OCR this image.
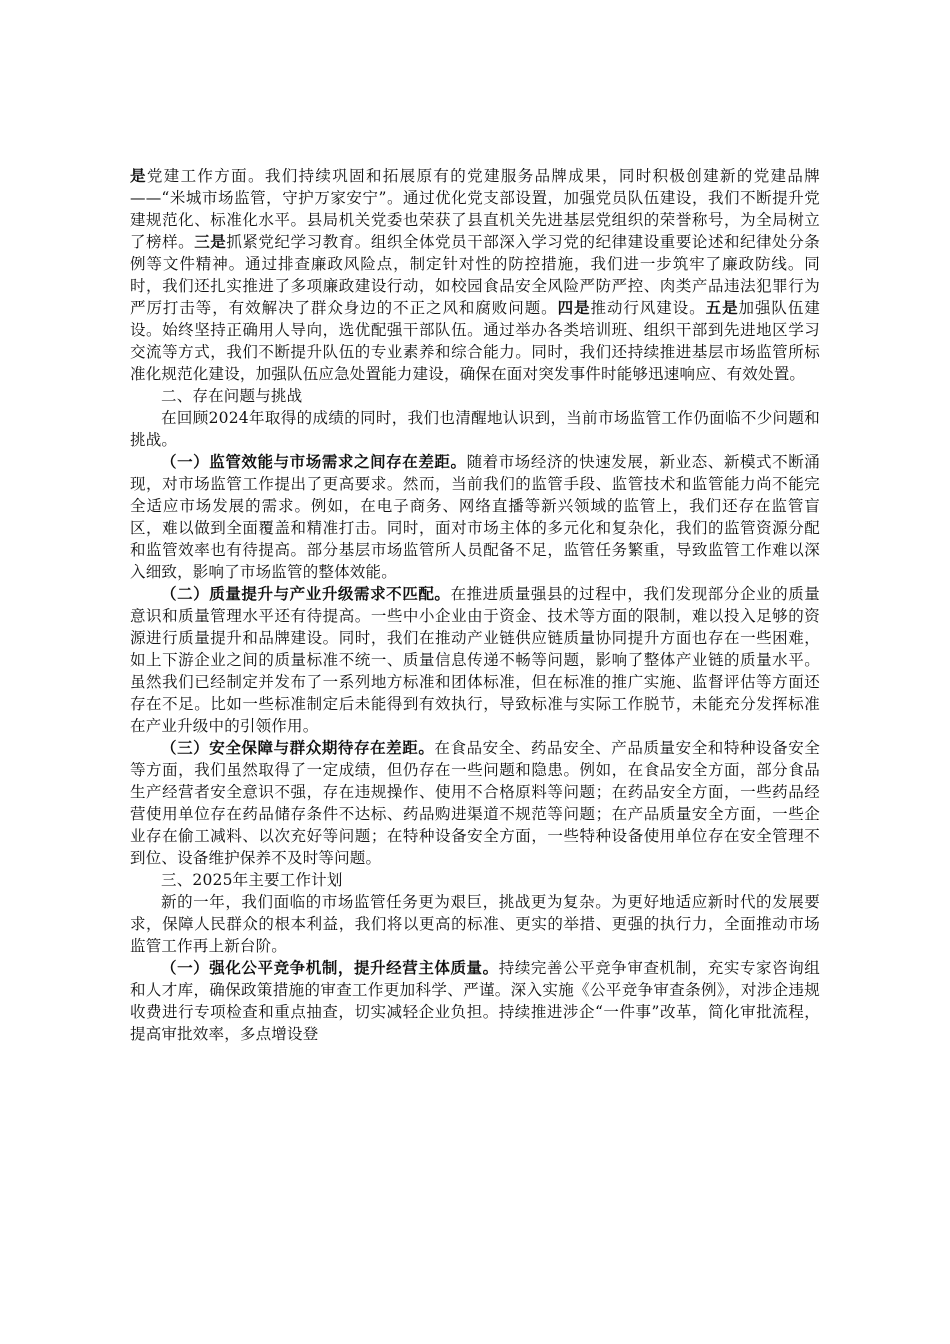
是党建工作方面。我们持续巩固和拓展原有的党建服务品牌成果，同时积极创建新的党建品牌——“米城市场监管，守护万家安宁”。通过优化党支部设置，加强党员队伍建设，我们不断提升党建规范化、标准化水平。县局机关党委也荣获了县直机关先进基层党组织的荣誉称号，为全局树立了榜样。三是抓紧党纪学习教育。组织全体党员干部深入学习党的纪律建设重要论述和纪律处分条例等文件精神。通过排查廉政风险点，制定针对性的防控措施，我们进一步筑牢了廉政防线。同时，我们还扎实推进了多项廉政建设行动，如校园食品安全风险严防严控、肉类产品违法犯罪行为严厉打击等，有效解决了群众身边的不正之风和腐败问题。四是推动行风建设。五是加强队伍建设。始终坚持正确用人导向，选优配强干部队伍。通过举办各类培训班、组织干部到先进地区学习交流等方式，我们不断提升队伍的专业素养和综合能力。同时，我们还持续推进基层市场监管所标准化规范化建设，加强队伍应急处置能力建设，确保在面对突发事件时能够迅速响应、有效处置。

二、存在问题与挑战

在回顾2024年取得的成绩的同时，我们也清醒地认识到，当前市场监管工作仍面临不少问题和挑战。

（一）监管效能与市场需求之间存在差距。随着市场经济的快速发展，新业态、新模式不断涌现，对市场监管工作提出了更高要求。然而，当前我们的监管手段、监管技术和监管能力尚不能完全适应市场发展的需求。例如，在电子商务、网络直播等新兴领域的监管上，我们还存在监管盲区，难以做到全面覆盖和精准打击。同时，面对市场主体的多元化和复杂化，我们的监管资源分配和监管效率也有待提高。部分基层市场监管所人员配备不足，监管任务繁重，导致监管工作难以深入细致，影响了市场监管的整体效能。

（二）质量提升与产业升级需求不匹配。在推进质量强县的过程中，我们发现部分企业的质量意识和质量管理水平还有待提高。一些中小企业由于资金、技术等方面的限制，难以投入足够的资源进行质量提升和品牌建设。同时，我们在推动产业链供应链质量协同提升方面也存在一些困难，如上下游企业之间的质量标准不统一、质量信息传递不畅等问题，影响了整体产业链的质量水平。虽然我们已经制定并发布了一系列地方标准和团体标准，但在标准的推广实施、监督评估等方面还存在不足。比如一些标准制定后未能得到有效执行，导致标准与实际工作脱节，未能充分发挥标准在产业升级中的引领作用。

（三）安全保障与群众期待存在差距。在食品安全、药品安全、产品质量安全和特种设备安全等方面，我们虽然取得了一定成绩，但仍存在一些问题和隐患。例如，在食品安全方面，部分食品生产经营者安全意识不强，存在违规操作、使用不合格原料等问题；在药品安全方面，一些药品经营使用单位存在药品储存条件不达标、药品购进渠道不规范等问题；在产品质量安全方面，一些企业存在偷工减料、以次充好等问题；在特种设备安全方面，一些特种设备使用单位存在安全管理不到位、设备维护保养不及时等问题。

三、2025年主要工作计划

新的一年，我们面临的市场监管任务更为艰巨，挑战更为复杂。为更好地适应新时代的发展要求，保障人民群众的根本利益，我们将以更高的标准、更实的举措、更强的执行力，全面推动市场监管工作再上新台阶。

（一）强化公平竞争机制，提升经营主体质量。持续完善公平竞争审查机制，充实专家咨询组和人才库，确保政策措施的审查工作更加科学、严谨。深入实施《公平竞争审查条例》，对涉企违规收费进行专项检查和重点抽查，切实减轻企业负担。持续推进涉企“一件事”改革，简化审批流程，提高审批效率，多点增设登
